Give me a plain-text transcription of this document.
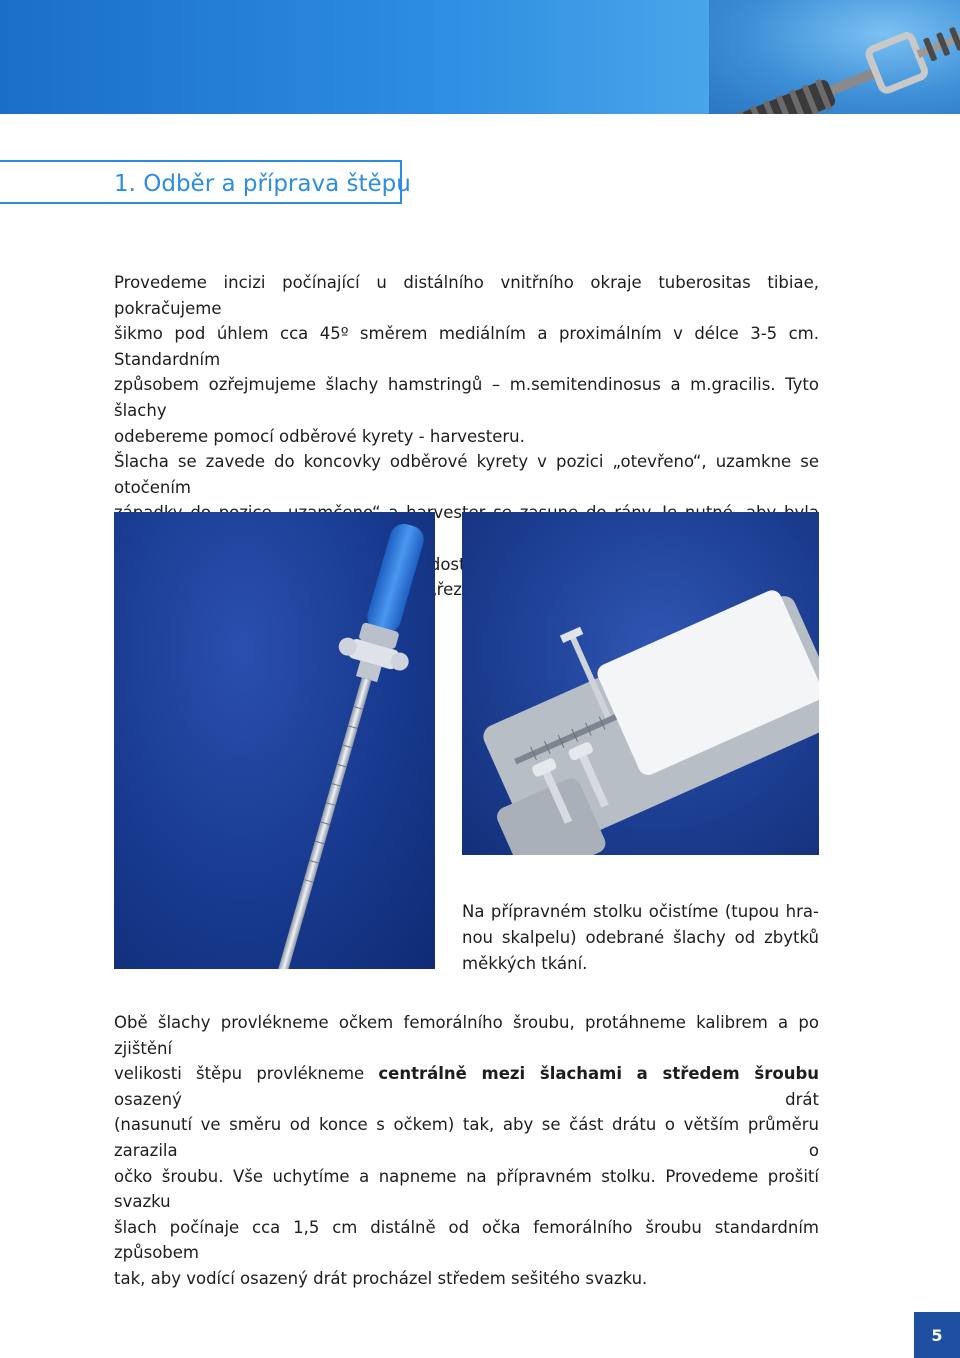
1. Odběr a příprava štěpu

Provedeme incizi počínající u distálního vnitřního okraje tuberositas tibiae, pokračujeme
šikmo pod úhlem cca 45º směrem mediálním a proximálním v délce 3-5 cm. Standardním
způsobem ozřejmujeme šlachy hamstringů – m.semitendinosus a m.gracilis. Tyto šlachy
odebereme pomocí odběrové kyrety - harvesteru.
Šlacha se zavede do koncovky odběrové kyrety v pozici „otevřeno“, uzamkne se otočením
harvester
„řez“.

Na přípravném stolku očistíme (tupou hra-
nou skalpelu) odebrané šlachy od zbytků
měkkých tkání.

Obě šlachy provlékneme očkem femorálního šroubu, protáhneme kalibrem a po zjištění
velikosti štěpu provlékneme centrálně mezi šlachami a středem šroubu osazený drát
(nasunutí ve směru od konce s očkem) tak, aby se část drátu o větším průměru zarazila o
očko šroubu. Vše uchytíme a napneme na přípravném stolku. Provedeme prošití svazku
šlach počínaje cca 1,5 cm distálně od očka femorálního šroubu standardním způsobem
tak, aby vodící osazený drát procházel středem sešitého svazku.

5
